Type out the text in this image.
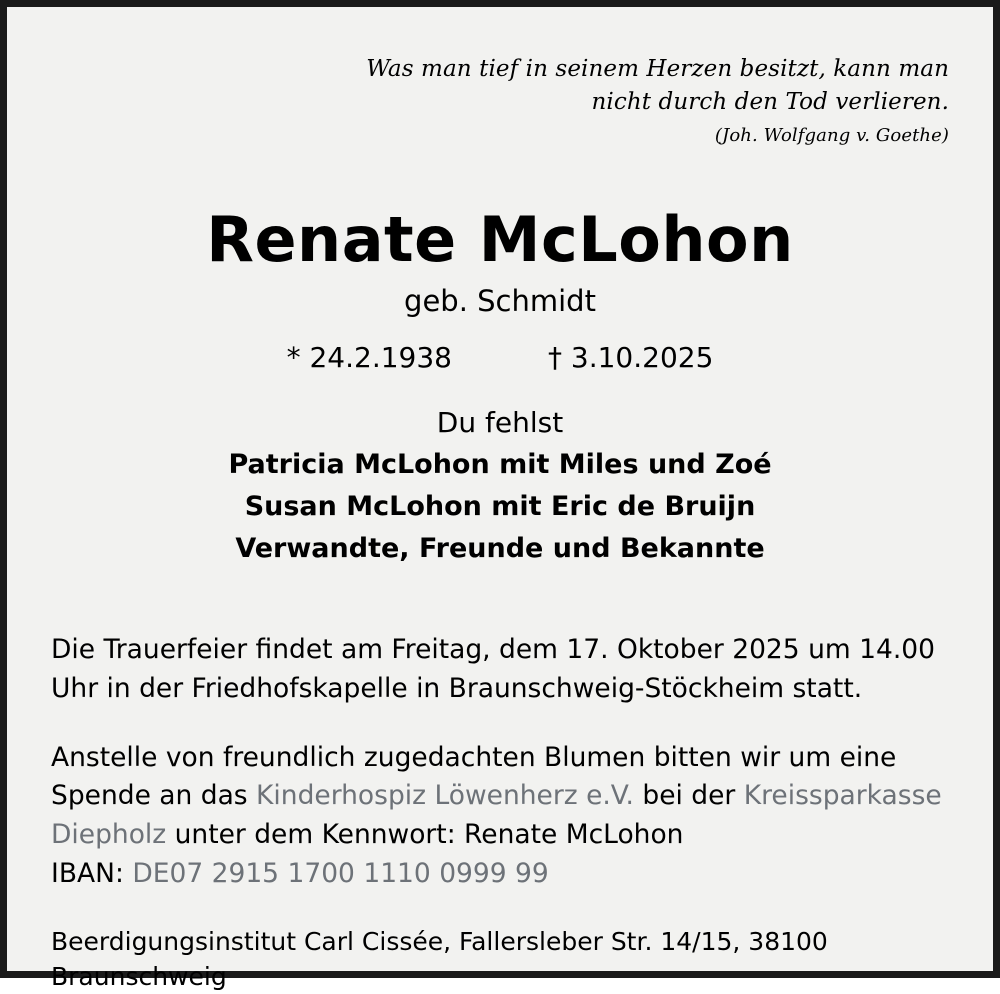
Was man tief in seinem Herzen besitzt, kann man nicht durch den Tod verlieren. (Joh. Wolfgang v. Goethe)
Renate McLohon
geb. Schmidt
* 24.2.1938	† 3.10.2025
Du fehlst
Patricia McLohon mit Miles und Zoé
Susan McLohon mit Eric de Bruijn
Verwandte, Freunde und Bekannte

Die Trauerfeier findet am Freitag, dem 17. Oktober 2025 um 14.00 Uhr in der Friedhofskapelle in Braunschweig-Stöckheim statt.

Anstelle von freundlich zugedachten Blumen bitten wir um eine Spende an das Kinderhospiz Löwenherz e.V. bei der Kreissparkasse Diepholz unter dem Kennwort: Renate McLohon
IBAN: DE07 2915 1700 1110 0999 99

Beerdigungsinstitut Carl Cissée, Fallersleber Str. 14/15, 38100 Braunschweig
